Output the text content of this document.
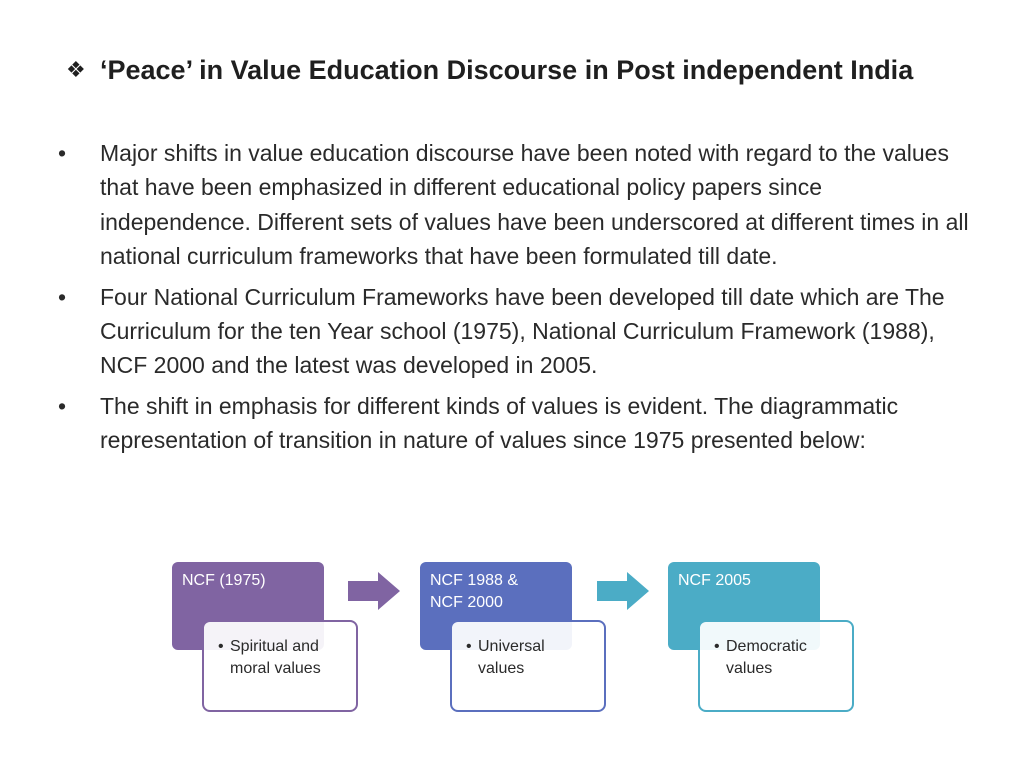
❖ ‘Peace’ in Value Education Discourse in Post independent India
• Major shifts in value education discourse have been noted with regard to the values that have been emphasized in different educational policy papers since independence. Different sets of values have been underscored at different times in all national curriculum frameworks that have been formulated till date.
• Four National Curriculum Frameworks have been developed till date which are The Curriculum for the ten Year school (1975), National Curriculum Framework (1988), NCF 2000 and the latest was developed in 2005.
• The shift in emphasis for different kinds of values is evident. The diagrammatic representation of transition in nature of values since 1975 presented below:
NCF (1975)
• Spiritual and moral values
NCF 1988 &
NCF 2000
• Universal values
NCF 2005
• Democratic values
